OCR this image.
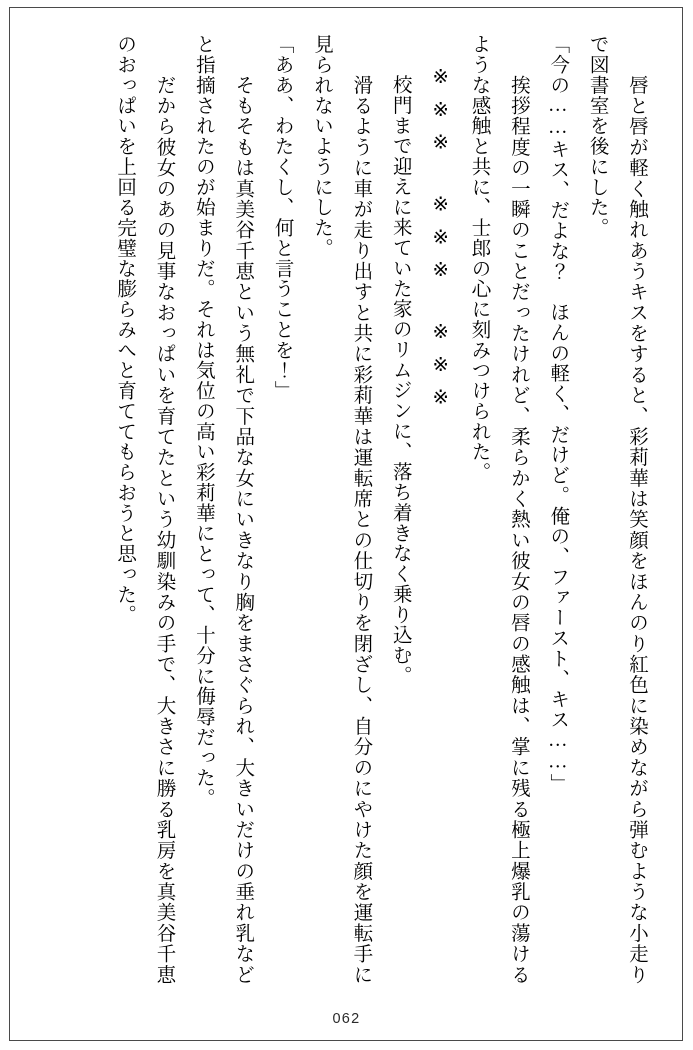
　唇と唇が軽く触れあうキスをすると、彩莉華は笑顔をほんのり紅色に染めながら弾むような小走りで図書室を後にした。

「今の……キス、だよな？　ほんの軽く、だけど。俺の、ファースト、キス……」

　挨拶程度の一瞬のことだったけれど、柔らかく熱い彼女の唇の感触は、掌に残る極上爆乳の蕩けるような感触と共に、士郎の心に刻みつけられた。

※※※　※※※　※※※

　校門まで迎えに来ていた家のリムジンに、落ち着きなく乗り込む。

　滑るように車が走り出すと共に彩莉華は運転席との仕切りを閉ざし、自分のにやけた顔を運転手に見られないようにした。

「ああ、わたくし、何と言うことを！」

　そもそもは真美谷千恵という無礼で下品な女にいきなり胸をまさぐられ、大きいだけの垂れ乳などと指摘されたのが始まりだ。それは気位の高い彩莉華にとって、十分に侮辱だった。

　だから彼女のあの見事なおっぱいを育てたという幼馴染みの手で、大きさに勝る乳房を真美谷千恵のおっぱいを上回る完璧な膨らみへと育ててもらおうと思った。

062
